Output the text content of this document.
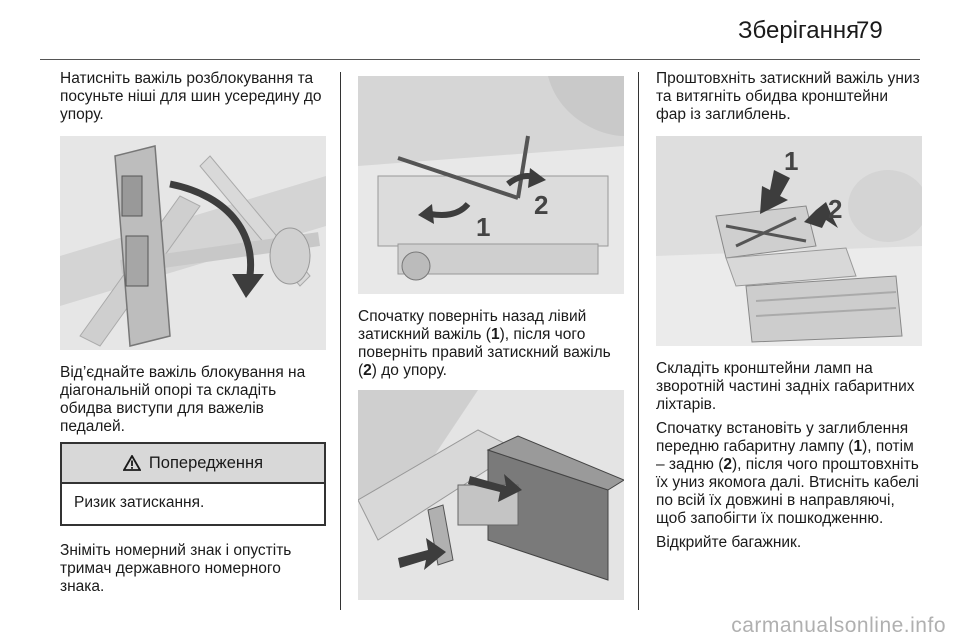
Зберігання
79

Натисніть важіль розблокування та посуньте ніші для шин усередину до упору.

Від’єднайте важіль блокування на діагональній опорі та складіть обидва виступи для важелів педалей.

Попередження
Ризик затискання.

Зніміть номерний знак і опустіть тримач державного номерного знака.

1
2

Спочатку поверніть назад лівий затискний важіль (1), після чого поверніть правий затискний важіль (2) до упору.

Проштовхніть затискний важіль униз та витягніть обидва кронштейни фар із заглиблень.

1
2

Складіть кронштейни ламп на зворотній частині задніх габаритних ліхтарів.

Спочатку встановіть у заглиблення передню габаритну лампу (1), потім – задню (2), після чого проштовхніть їх униз якомога далі. Втисніть кабелі по всій їх довжині в направляючі, щоб запобігти їх пошкодженню.

Відкрийте багажник.

carmanualsonline.info
